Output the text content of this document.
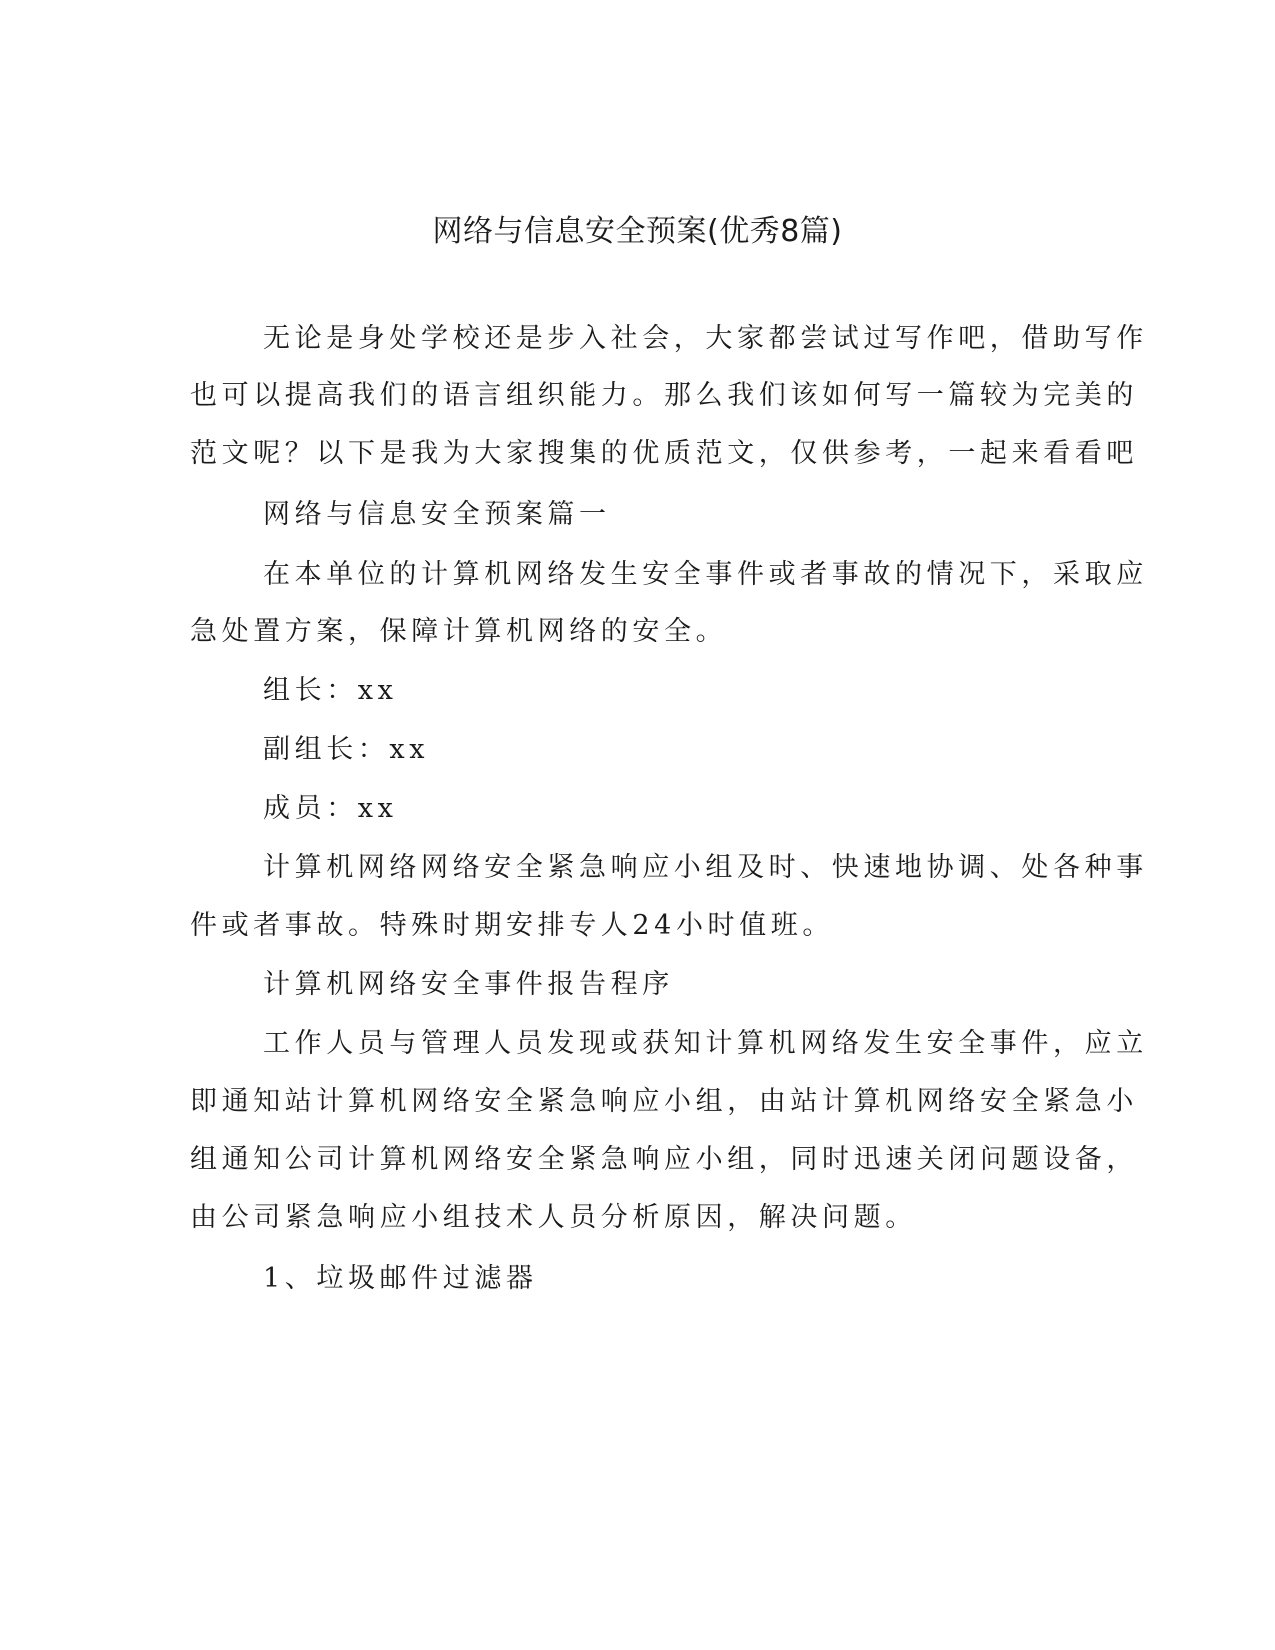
网络与信息安全预案(优秀8篇)
无论是身处学校还是步入社会，大家都尝试过写作吧，借助写作
也可以提高我们的语言组织能力。那么我们该如何写一篇较为完美的
范文呢？以下是我为大家搜集的优质范文，仅供参考，一起来看看吧
网络与信息安全预案篇一
在本单位的计算机网络发生安全事件或者事故的情况下，采取应
急处置方案，保障计算机网络的安全。
组长：xx
副组长：xx
成员：xx
计算机网络网络安全紧急响应小组及时、快速地协调、处各种事
件或者事故。特殊时期安排专人24小时值班。
计算机网络安全事件报告程序
工作人员与管理人员发现或获知计算机网络发生安全事件，应立
即通知站计算机网络安全紧急响应小组，由站计算机网络安全紧急小
组通知公司计算机网络安全紧急响应小组，同时迅速关闭问题设备，
由公司紧急响应小组技术人员分析原因，解决问题。
1、垃圾邮件过滤器
